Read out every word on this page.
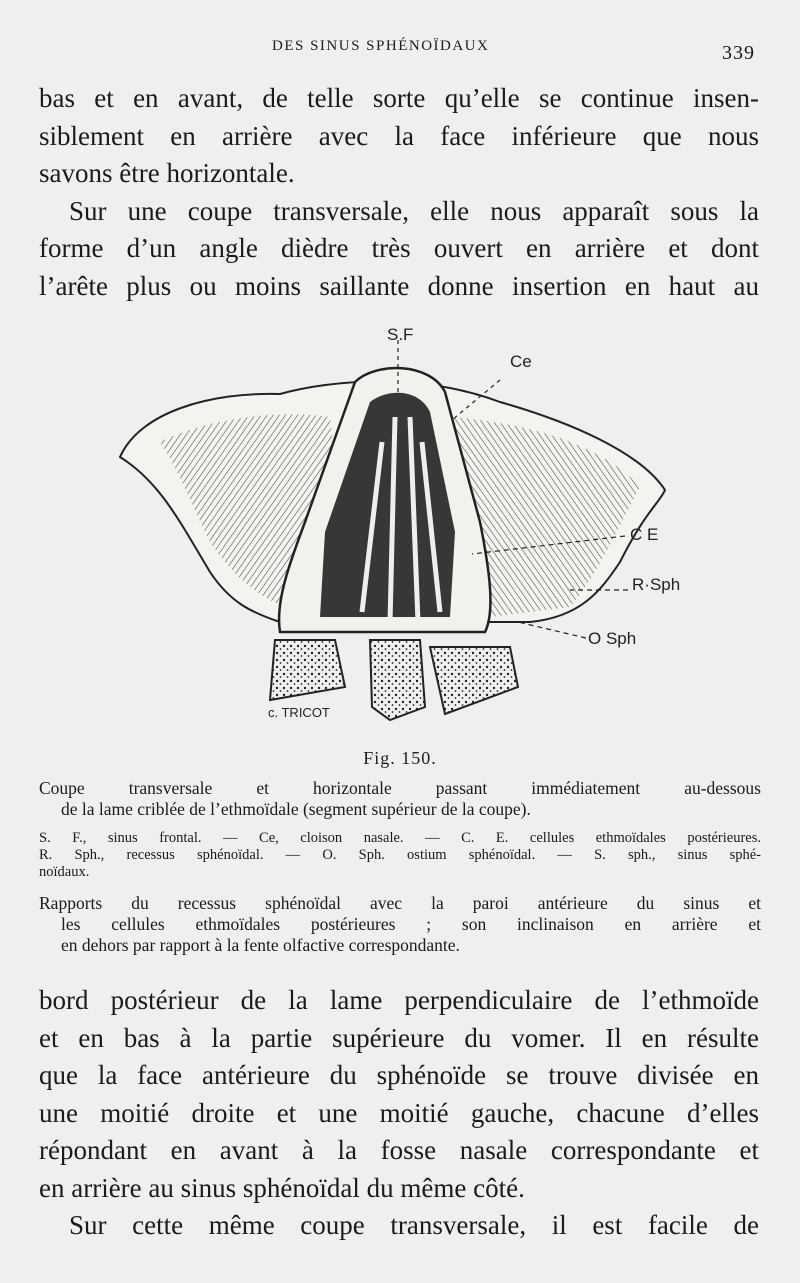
DES SINUS SPHÉNOÏDAUX	339

bas et en avant, de telle sorte qu’elle se continue insen-
siblement en arrière avec la face inférieure que nous
savons être horizontale.

Sur une coupe transversale, elle nous apparaît sous la
forme d’un angle dièdre très ouvert en arrière et dont
l’arête plus ou moins saillante donne insertion en haut au

S.F
Ce
C E
R·Sph
O Sph
c. TRICOT
Fig. 150.

Coupe transversale et horizontale passant immédiatement au-dessous
de la lame criblée de l’ethmoïdale (segment supérieur de la coupe).

S. F., sinus frontal. — Ce, cloison nasale. — C. E. cellules ethmoïdales postérieures.
R. Sph., recessus sphénoïdal. — O. Sph. ostium sphénoïdal. — S. sph., sinus sphé-
noïdaux.

Rapports du recessus sphénoïdal avec la paroi antérieure du sinus et
les cellules ethmoïdales postérieures ; son inclinaison en arrière et
en dehors par rapport à la fente olfactive correspondante.

bord postérieur de la lame perpendiculaire de l’ethmoïde
et en bas à la partie supérieure du vomer. Il en résulte
que la face antérieure du sphénoïde se trouve divisée en
une moitié droite et une moitié gauche, chacune d’elles
répondant en avant à la fosse nasale correspondante et
en arrière au sinus sphénoïdal du même côté.

Sur cette même coupe transversale, il est facile de
